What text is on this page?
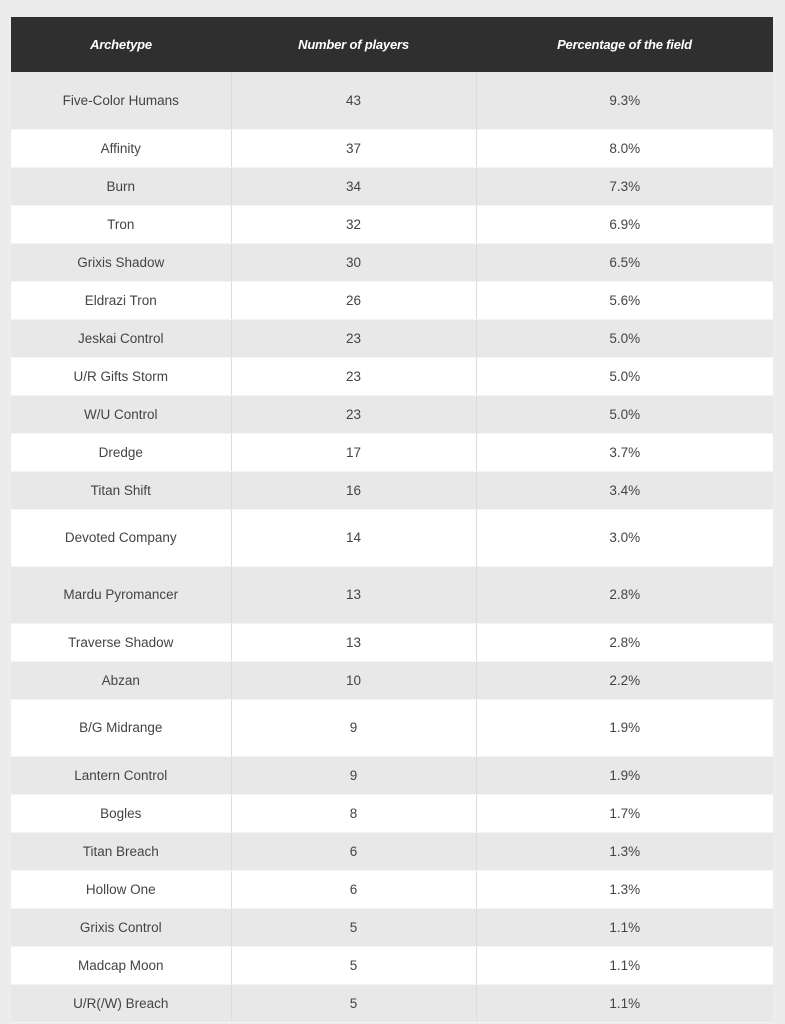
Archetype	Number of players	Percentage of the field
Five-Color Humans	43	9.3%
Affinity	37	8.0%
Burn	34	7.3%
Tron	32	6.9%
Grixis Shadow	30	6.5%
Eldrazi Tron	26	5.6%
Jeskai Control	23	5.0%
U/R Gifts Storm	23	5.0%
W/U Control	23	5.0%
Dredge	17	3.7%
Titan Shift	16	3.4%
Devoted Company	14	3.0%
Mardu Pyromancer	13	2.8%
Traverse Shadow	13	2.8%
Abzan	10	2.2%
B/G Midrange	9	1.9%
Lantern Control	9	1.9%
Bogles	8	1.7%
Titan Breach	6	1.3%
Hollow One	6	1.3%
Grixis Control	5	1.1%
Madcap Moon	5	1.1%
U/R(/W) Breach	5	1.1%
